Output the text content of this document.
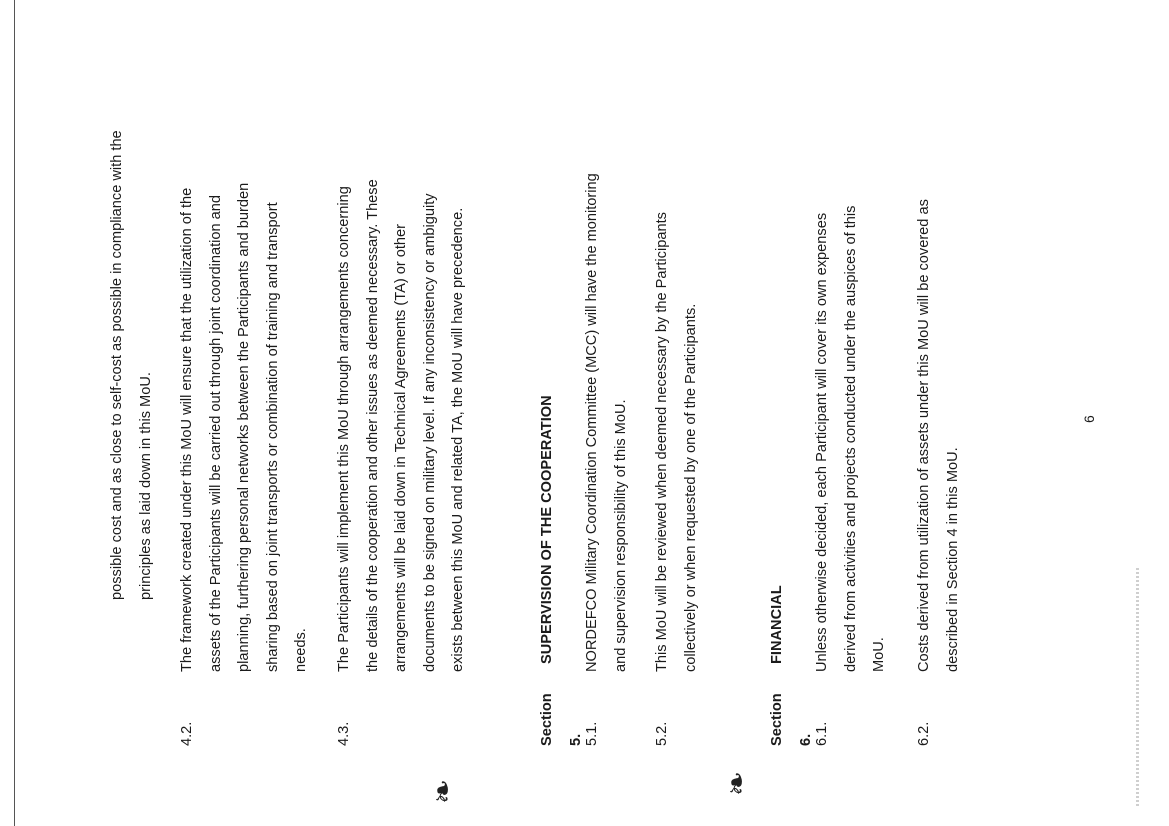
❧
❧
possible cost and as close to self-cost as possible in compliance with the principles as laid down in this MoU.
4.2.
The framework created under this MoU will ensure that the utilization of the assets of the Participants will be carried out through joint coordination and planning, furthering personal networks between the Participants and burden sharing based on joint transports or combination of training and transport needs.
4.3.
The Participants will implement this MoU through arrangements concerning the details of the cooperation and other issues as deemed necessary. These arrangements will be laid down in Technical Agreements (TA) or other documents to be signed on military level. If any inconsistency or ambiguity exists between this MoU and related TA, the MoU will have precedence.
Section 5.
SUPERVISION OF THE COOPERATION
5.1.
NORDEFCO Military Coordination Committee (MCC) will have the monitoring and supervision responsibility of this MoU.
5.2.
This MoU will be reviewed when deemed necessary by the Participants collectively or when requested by one of the Participants.
Section 6.
FINANCIAL
6.1.
Unless otherwise decided, each Participant will cover its own expenses derived from activities and projects conducted under the auspices of this MoU.
6.2.
Costs derived from utilization of assets under this MoU will be covered as described in Section 4 in this MoU.
6
